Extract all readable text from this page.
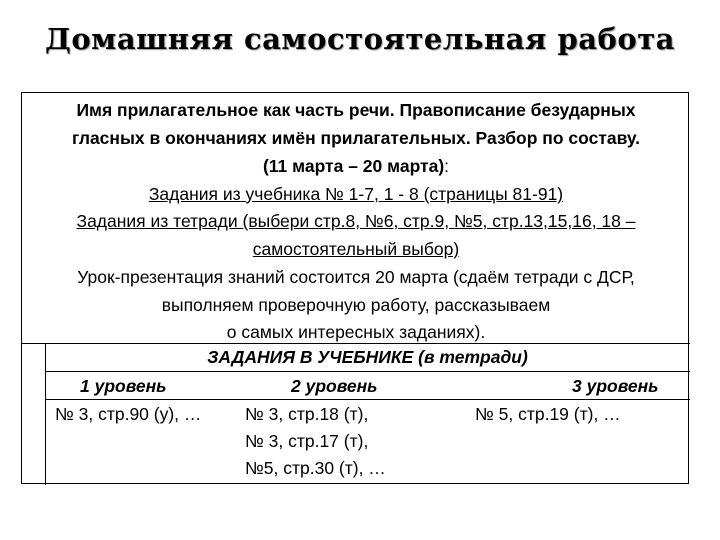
Домашняя самостоятельная работа
Имя прилагательное как часть речи. Правописание безударных
гласных в окончаниях имён прилагательных. Разбор по составу.
(11 марта – 20 марта):
Задания из учебника № 1-7, 1 - 8 (страницы 81-91)
Задания из тетради (выбери стр.8, №6, стр.9, №5, стр.13,15,16, 18 –
самостоятельный выбор)
Урок-презентация знаний состоится 20 марта (сдаём тетради с ДСР,
выполняем проверочную работу, рассказываем
о самых интересных заданиях).
ЗАДАНИЯ В УЧЕБНИКЕ (в тетради)
1 уровень	2 уровень	3 уровень
№ 3, стр.90 (у), … № 3, стр.18 (т),
№ 3, стр.17 (т),
№5, стр.30 (т), …
№ 5, стр.19 (т), …
